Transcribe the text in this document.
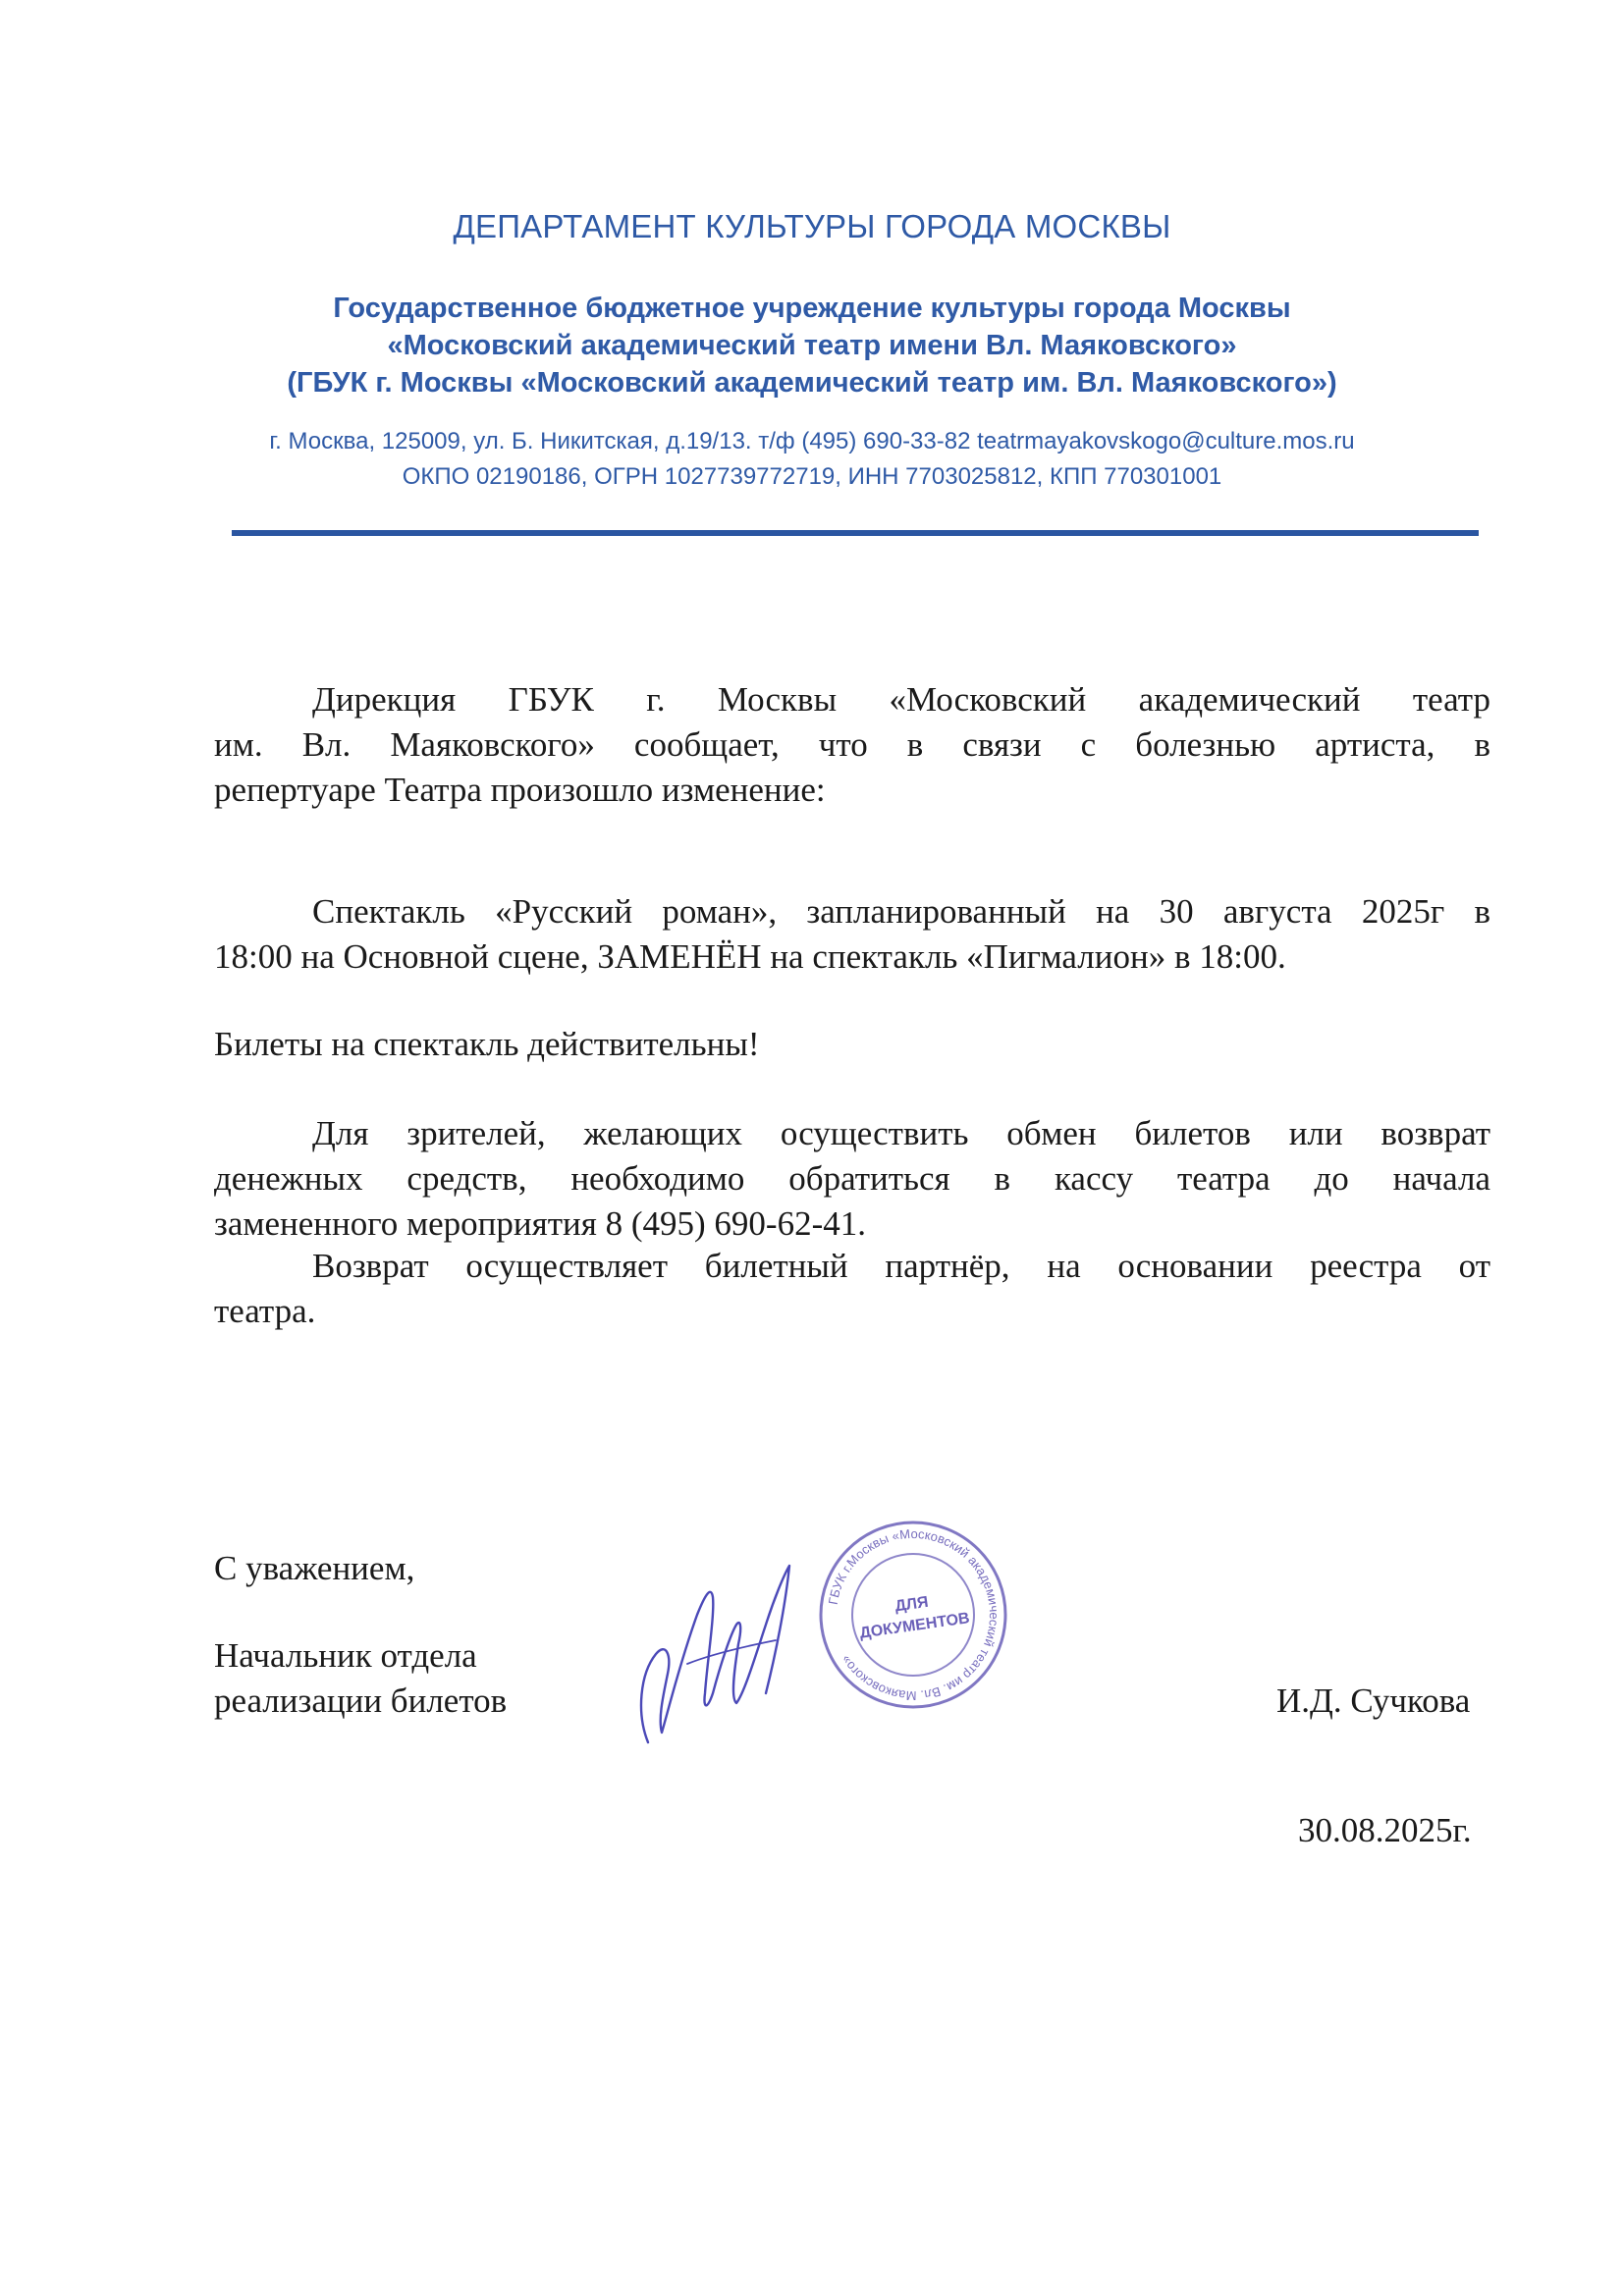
ДЕПАРТАМЕНТ КУЛЬТУРЫ ГОРОДА МОСКВЫ
Государственное бюджетное учреждение культуры города Москвы
«Московский академический театр имени Вл. Маяковского»
(ГБУК г. Москвы «Московский академический театр им. Вл. Маяковского»)
г. Москва, 125009, ул. Б. Никитская, д.19/13. т/ф (495) 690-33-82 teatrmayakovskogo@culture.mos.ru
ОКПО 02190186, ОГРН 1027739772719, ИНН 7703025812, КПП 770301001
Дирекция ГБУК г. Москвы «Московский академический театр
им. Вл. Маяковского» сообщает, что в связи с болезнью артиста, в
репертуаре Театра произошло изменение:
Спектакль «Русский роман», запланированный на 30 августа 2025г в
18:00 на Основной сцене, ЗАМЕНЁН на спектакль «Пигмалион» в 18:00.
Билеты на спектакль действительны!
Для зрителей, желающих осуществить обмен билетов или возврат
денежных средств, необходимо обратиться в кассу театра до начала
замененного мероприятия 8 (495) 690-62-41.
Возврат осуществляет билетный партнёр, на основании реестра от
театра.
С уважением,
Начальник отдела
реализации билетов	И.Д. Сучкова
30.08.2025г.
ГБУК г.Москвы «Московский академический театр им. Вл. Маяковского»
ДЛЯ
ДОКУМЕНТОВ
